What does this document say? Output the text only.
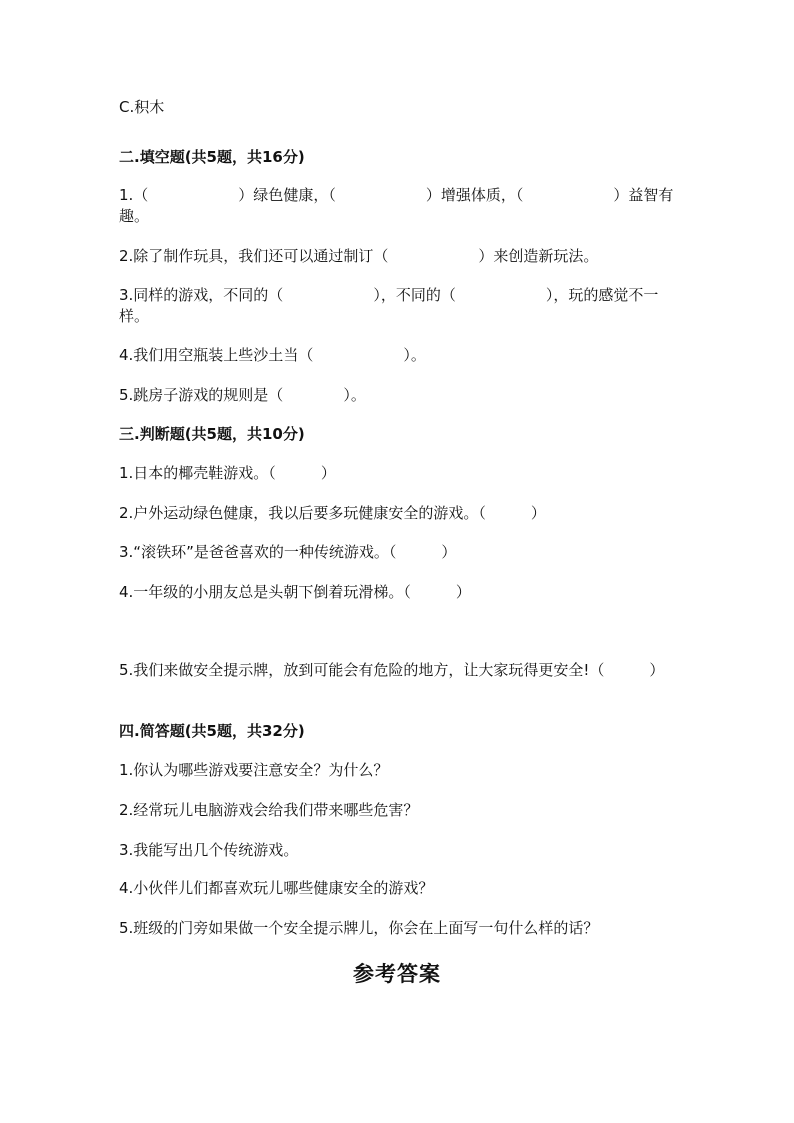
C.积木
二.填空题(共5题，共16分)
1.（　　　　　　）绿色健康，（　　　　　　）增强体质，（　　　　　　）益智有趣。
2.除了制作玩具，我们还可以通过制订（　　　　　　）来创造新玩法。
3.同样的游戏，不同的（　　　　　　），不同的（　　　　　　），玩的感觉不一样。
4.我们用空瓶装上些沙土当（　　　　　　）。
5.跳房子游戏的规则是（　　　　）。
三.判断题(共5题，共10分)
1.日本的椰壳鞋游戏。（　　　）
2.户外运动绿色健康，我以后要多玩健康安全的游戏。（　　　）
3.“滚铁环”是爸爸喜欢的一种传统游戏。（　　　）
4.一年级的小朋友总是头朝下倒着玩滑梯。（　　　）
5.我们来做安全提示牌，放到可能会有危险的地方，让大家玩得更安全!（　　　）
四.简答题(共5题，共32分)
1.你认为哪些游戏要注意安全？为什么？
2.经常玩儿电脑游戏会给我们带来哪些危害？
3.我能写出几个传统游戏。
4.小伙伴儿们都喜欢玩儿哪些健康安全的游戏？
5.班级的门旁如果做一个安全提示牌儿，你会在上面写一句什么样的话？
参考答案
